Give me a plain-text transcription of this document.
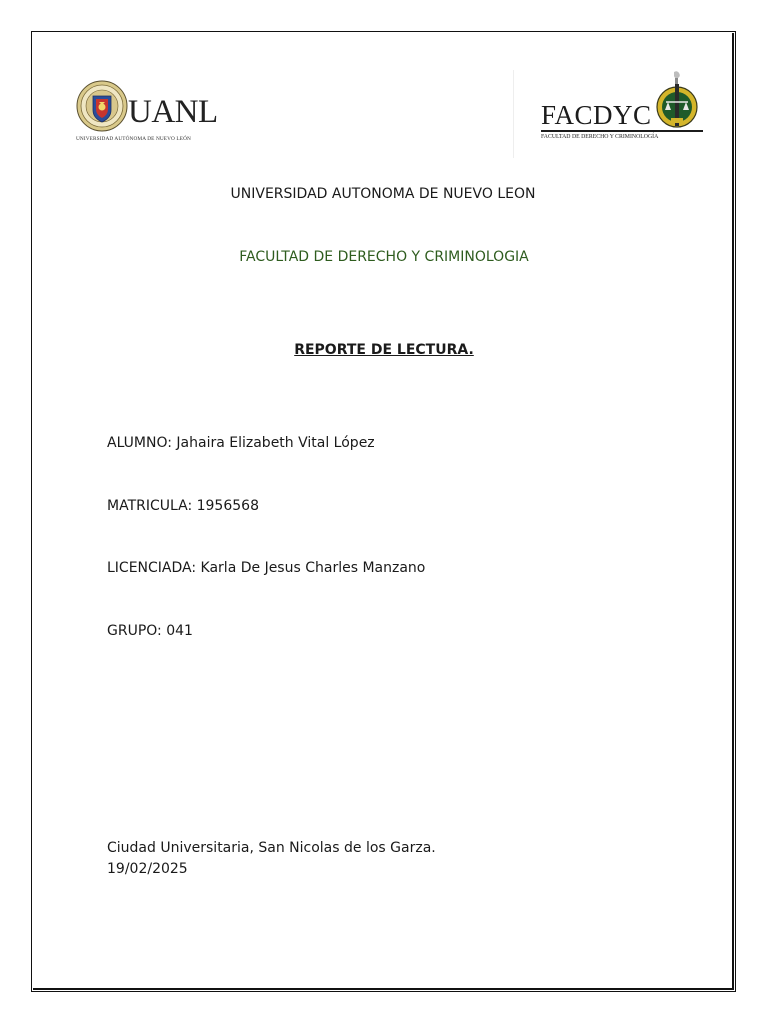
UANL
UNIVERSIDAD AUTÓNOMA DE NUEVO LEÓN
FACDYC
FACULTAD DE DERECHO Y CRIMINOLOGÍA
UNIVERSIDAD AUTONOMA DE NUEVO LEON
FACULTAD DE DERECHO Y CRIMINOLOGIA
REPORTE DE LECTURA.
ALUMNO: Jahaira Elizabeth Vital López
MATRICULA: 1956568
LICENCIADA: Karla De Jesus Charles Manzano
GRUPO: 041
Ciudad Universitaria, San Nicolas de los Garza.
19/02/2025
